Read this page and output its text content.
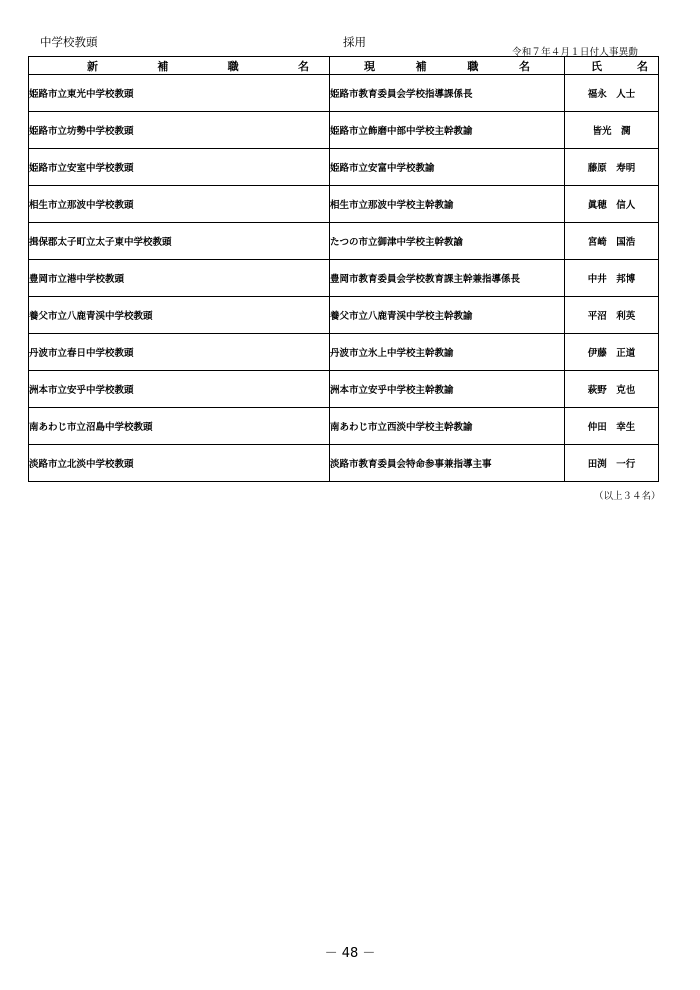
中学校教頭	採用
令和７年４月１日付人事異動
新 補 職 名	現 補 職 名	氏 名

姫路市立東光中学校教頭	姫路市教育委員会学校指導課係長	福永　人士
姫路市立坊勢中学校教頭	姫路市立飾磨中部中学校主幹教諭	皆光　潤
姫路市立安室中学校教頭	姫路市立安富中学校教諭	藤原　寿明
相生市立那波中学校教頭	相生市立那波中学校主幹教諭	眞穂　信人
揖保郡太子町立太子東中学校教頭	たつの市立御津中学校主幹教諭	宮崎　国浩
豊岡市立港中学校教頭	豊岡市教育委員会学校教育課主幹兼指導係長	中井　邦博
養父市立八鹿青渓中学校教頭	養父市立八鹿青渓中学校主幹教諭	平沼　利英
丹波市立春日中学校教頭	丹波市立氷上中学校主幹教諭	伊藤　正道
洲本市立安乎中学校教頭	洲本市立安乎中学校主幹教諭	萩野　克也
南あわじ市立沼島中学校教頭	南あわじ市立西淡中学校主幹教諭	仲田　幸生
淡路市立北淡中学校教頭	淡路市教育委員会特命参事兼指導主事	田渕　一行
（以上３４名）
－ 48 －
